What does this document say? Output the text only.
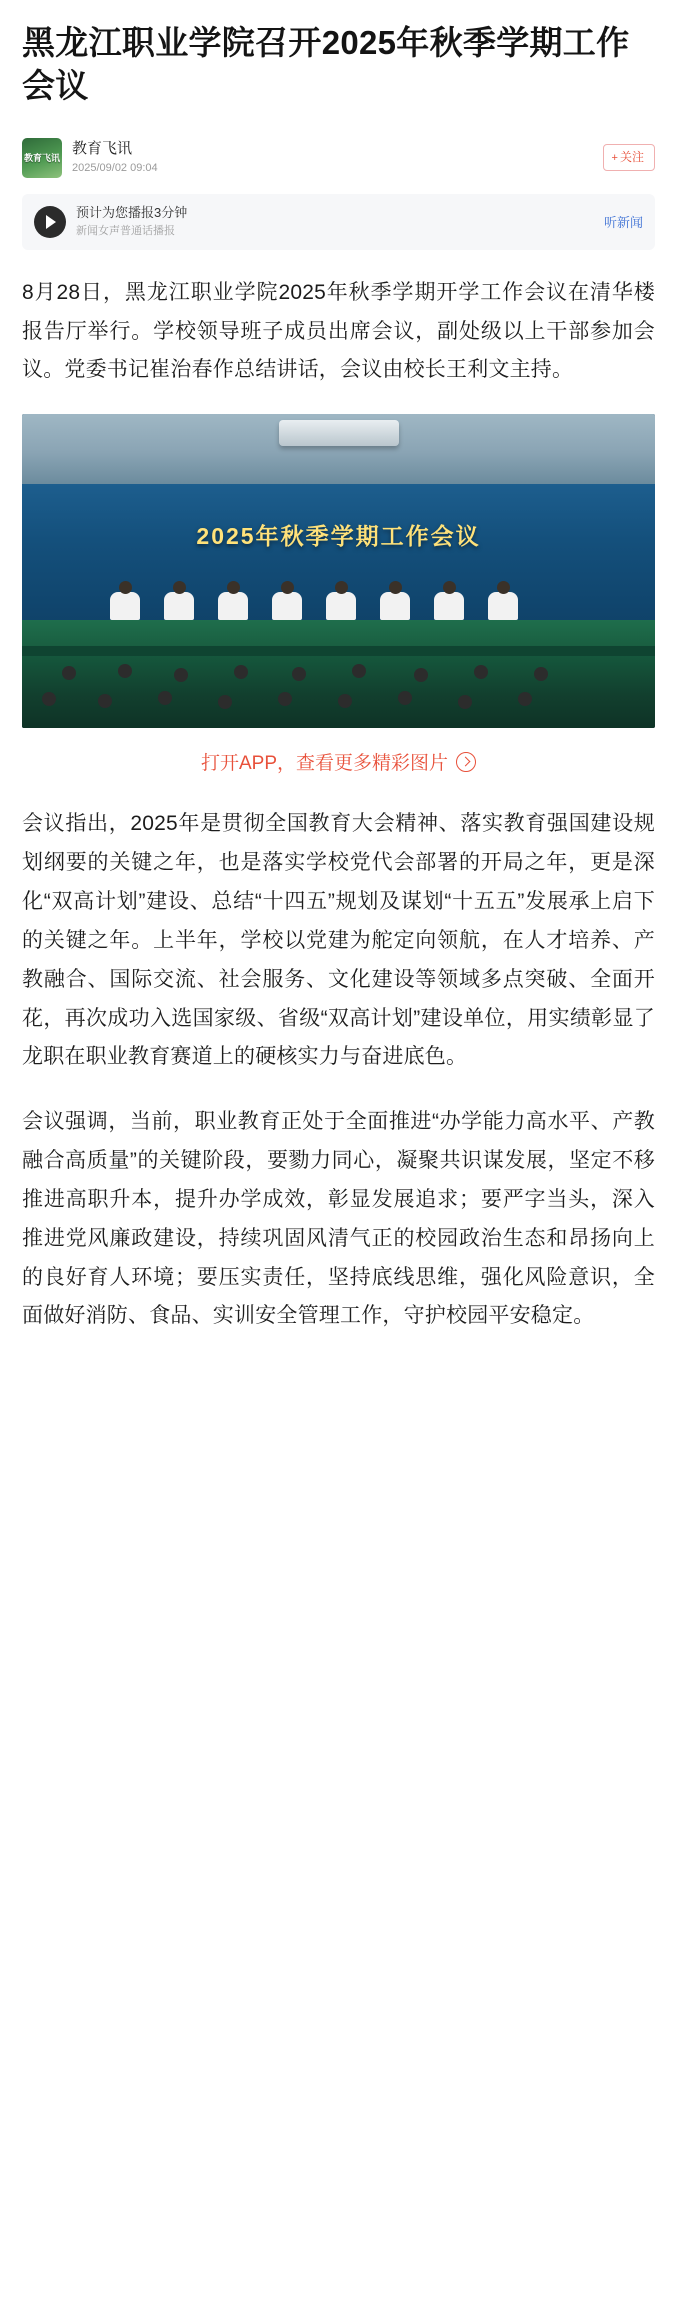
黑龙江职业学院召开2025年秋季学期工作会议
教育飞讯
教育飞讯
2025/09/02 09:04
+ 关注
预计为您播报3分钟
新闻女声普通话播报
听新闻

8月28日，黑龙江职业学院2025年秋季学期开学工作会议在清华楼报告厅举行。学校领导班子成员出席会议，副处级以上干部参加会议。党委书记崔治春作总结讲话，会议由校长王利文主持。

2025年秋季学期工作会议
打开APP，查看更多精彩图片

会议指出，2025年是贯彻全国教育大会精神、落实教育强国建设规划纲要的关键之年，也是落实学校党代会部署的开局之年，更是深化“双高计划”建设、总结“十四五”规划及谋划“十五五”发展承上启下的关键之年。上半年，学校以党建为舵定向领航，在人才培养、产教融合、国际交流、社会服务、文化建设等领域多点突破、全面开花，再次成功入选国家级、省级“双高计划”建设单位，用实绩彰显了龙职在职业教育赛道上的硬核实力与奋进底色。

会议强调，当前，职业教育正处于全面推进“办学能力高水平、产教融合高质量”的关键阶段，要勠力同心，凝聚共识谋发展，坚定不移推进高职升本，提升办学成效，彰显发展追求；要严字当头，深入推进党风廉政建设，持续巩固风清气正的校园政治生态和昂扬向上的良好育人环境；要压实责任，坚持底线思维，强化风险意识，全面做好消防、食品、实训安全管理工作，守护校园平安稳定。
